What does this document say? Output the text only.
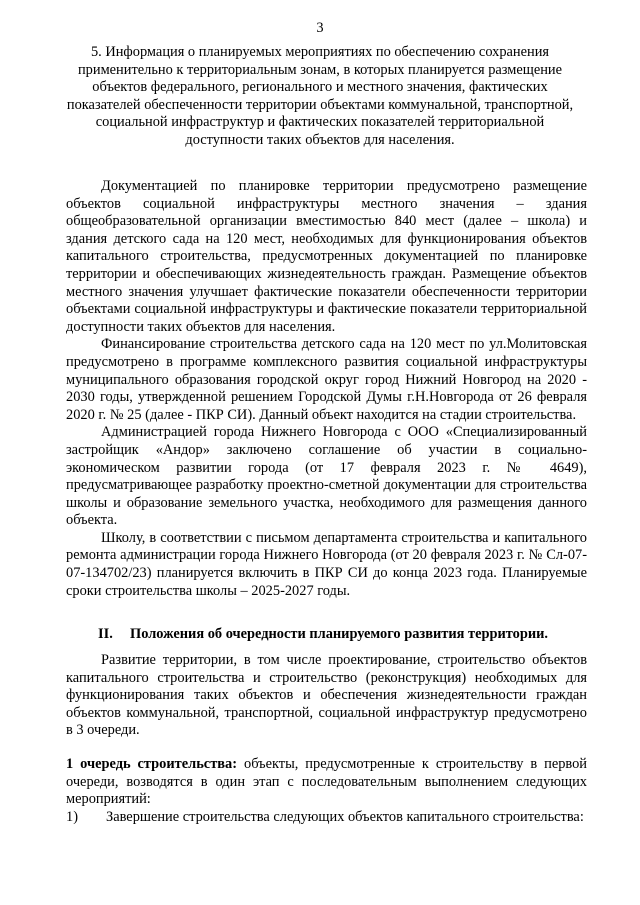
3
5. Информация о планируемых мероприятиях по обеспечению сохранения применительно к территориальным зонам, в которых планируется размещение объектов федерального, регионального и местного значения, фактических показателей обеспеченности территории объектами коммунальной, транспортной, социальной инфраструктур и фактических показателей территориальной доступности таких объектов для населения.

Документацией по планировке территории предусмотрено размещение объектов социальной инфраструктуры местного значения – здания общеобразовательной организации вместимостью 840 мест (далее – школа) и здания детского сада на 120 мест, необходимых для функционирования объектов капитального строительства, предусмотренных документацией по планировке территории и обеспечивающих жизнедеятельность граждан. Размещение объектов местного значения улучшает фактические показатели обеспеченности территории объектами социальной инфраструктуры и фактические показатели территориальной доступности таких объектов для населения.

Финансирование строительства детского сада на 120 мест по ул.Молитовская предусмотрено в программе комплексного развития социальной инфраструктуры муниципального образования городской округ город Нижний Новгород на 2020 - 2030 годы, утвержденной решением Городской Думы г.Н.Новгорода от 26 февраля 2020 г. № 25 (далее - ПКР СИ). Данный объект находится на стадии строительства.

Администрацией города Нижнего Новгорода с ООО «Специализированный застройщик «Андор» заключено соглашение об участии в социально-экономическом развитии города (от 17 февраля 2023 г. № 4649), предусматривающее разработку проектно-сметной документации для строительства школы и образование земельного участка, необходимого для размещения данного объекта.

Школу, в соответствии с письмом департамента строительства и капитального ремонта администрации города Нижнего Новгорода (от 20 февраля 2023 г. № Сл-07-07-134702/23) планируется включить в ПКР СИ до конца 2023 года. Планируемые сроки строительства школы – 2025-2027 годы.

II. Положения об очередности планируемого развития территории.

Развитие территории, в том числе проектирование, строительство объектов капитального строительства и строительство (реконструкция) необходимых для функционирования таких объектов и обеспечения жизнедеятельности граждан объектов коммунальной, транспортной, социальной инфраструктур предусмотрено в 3 очереди.

1 очередь строительства: объекты, предусмотренные к строительству в первой очереди, возводятся в один этап с последовательным выполнением следующих мероприятий:

1) Завершение строительства следующих объектов капитального строительства:
